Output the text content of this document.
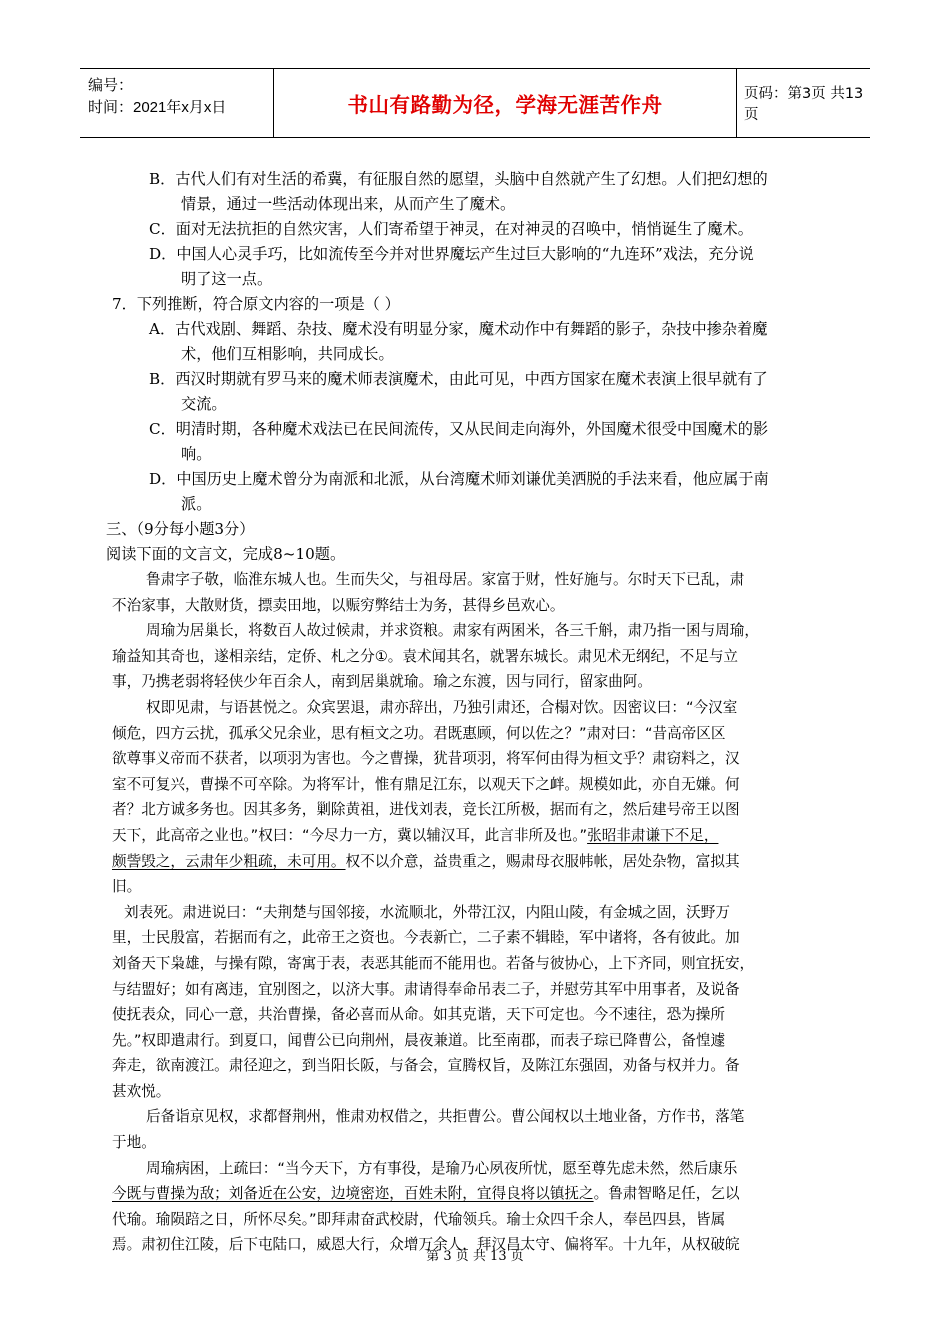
编号：
时间：2021年x月x日	书山有路勤为径，学海无涯苦作舟	页码：第3页 共13页
B．古代人们有对生活的希冀，有征服自然的愿望，头脑中自然就产生了幻想。人们把幻想的
情景，通过一些活动体现出来，从而产生了魔术。
C．面对无法抗拒的自然灾害，人们寄希望于神灵，在对神灵的召唤中，悄悄诞生了魔术。
D．中国人心灵手巧，比如流传至今并对世界魔坛产生过巨大影响的“九连环”戏法，充分说
明了这一点。
7．下列推断，符合原文内容的一项是（ ）
A．古代戏剧、舞蹈、杂技、魔术没有明显分家，魔术动作中有舞蹈的影子，杂技中掺杂着魔
术，他们互相影响，共同成长。
B．西汉时期就有罗马来的魔术师表演魔术，由此可见，中西方国家在魔术表演上很早就有了
交流。
C．明清时期，各种魔术戏法已在民间流传，又从民间走向海外，外国魔术很受中国魔术的影
响。
D．中国历史上魔术曾分为南派和北派，从台湾魔术师刘谦优美洒脱的手法来看，他应属于南
派。
三、（9分每小题3分）
阅读下面的文言文，完成8~10题。
鲁肃字子敬，临淮东城人也。生而失父，与祖母居。家富于财，性好施与。尔时天下已乱，肃
不治家事，大散财货，摽卖田地，以赈穷弊结士为务，甚得乡邑欢心。
周瑜为居巢长，将数百人故过候肃，并求资粮。肃家有两囷米，各三千斛，肃乃指一囷与周瑜，
瑜益知其奇也，遂相亲结，定侨、札之分①。袁术闻其名，就署东城长。肃见术无纲纪，不足与立
事，乃携老弱将轻侠少年百余人，南到居巢就瑜。瑜之东渡，因与同行，留家曲阿。
权即见肃，与语甚悦之。众宾罢退，肃亦辞出，乃独引肃还，合榻对饮。因密议曰：“今汉室
倾危，四方云扰，孤承父兄余业，思有桓文之功。君既惠顾，何以佐之？”肃对曰：“昔高帝区区
欲尊事义帝而不获者，以项羽为害也。今之曹操，犹昔项羽，将军何由得为桓文乎？肃窃料之，汉
室不可复兴，曹操不可卒除。为将军计，惟有鼎足江东，以观天下之衅。规模如此，亦自无嫌。何
者？北方诚多务也。因其多务，剿除黄祖，进伐刘表，竞长江所极，据而有之，然后建号帝王以图
天下，此高帝之业也。”权曰：“今尽力一方，冀以辅汉耳，此言非所及也。”张昭非肃谦下不足，
颇訾毁之，云肃年少粗疏，未可用。权不以介意，益贵重之，赐肃母衣服帏帐，居处杂物，富拟其
旧。
刘表死。肃进说曰：“夫荆楚与国邻接，水流顺北，外带江汉，内阻山陵，有金城之固，沃野万
里，士民殷富，若据而有之，此帝王之资也。今表新亡，二子素不辑睦，军中诸将，各有彼此。加
刘备天下枭雄，与操有隙，寄寓于表，表恶其能而不能用也。若备与彼协心，上下齐同，则宜抚安，
与结盟好；如有离违，宜别图之，以济大事。肃请得奉命吊表二子，并慰劳其军中用事者，及说备
使抚表众，同心一意，共治曹操，备必喜而从命。如其克谐，天下可定也。今不速往，恐为操所
先。”权即遣肃行。到夏口，闻曹公已向荆州，晨夜兼道。比至南郡，而表子琮已降曹公，备惶遽
奔走，欲南渡江。肃径迎之，到当阳长阪，与备会，宣腾权旨，及陈江东强固，劝备与权并力。备
甚欢悦。
后备诣京见权，求都督荆州，惟肃劝权借之，共拒曹公。曹公闻权以土地业备，方作书，落笔
于地。
周瑜病困，上疏曰：“当今天下，方有事役，是瑜乃心夙夜所忧，愿至尊先虑未然，然后康乐
今既与曹操为敌；刘备近在公安，边境密迩，百姓未附，宜得良将以镇抚之。鲁肃智略足任，乞以
代瑜。瑜陨踣之日，所怀尽矣。”即拜肃奋武校尉，代瑜领兵。瑜士众四千余人，奉邑四县，皆属
焉。肃初住江陵，后下屯陆口，威恩大行，众增万余人，拜汉昌太守、偏将军。十九年，从权破皖
第 3 页 共 13 页
